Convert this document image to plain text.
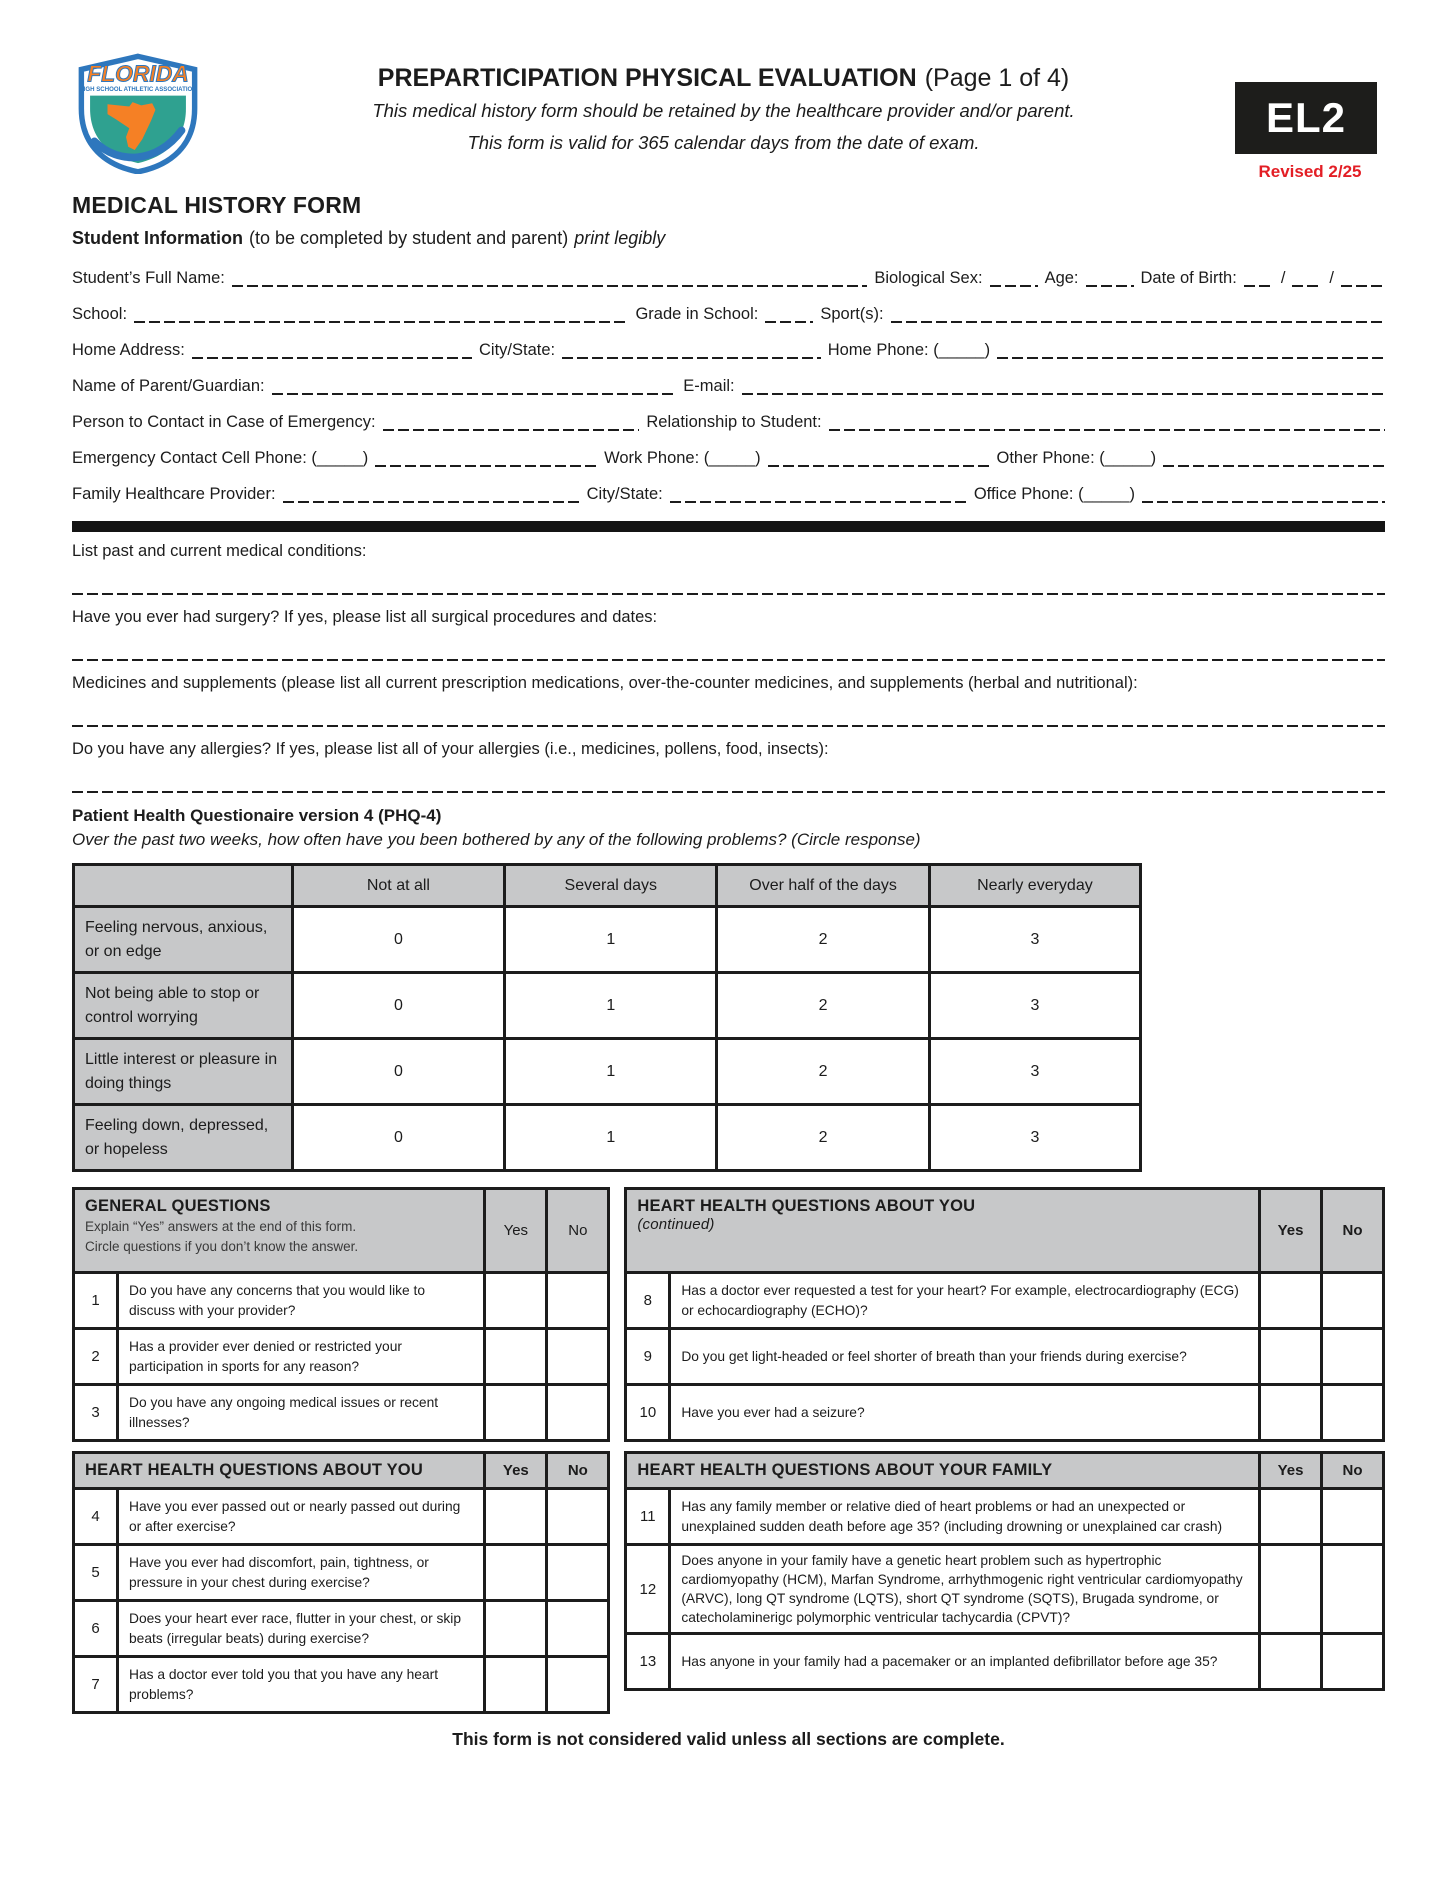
FLORIDA
HIGH SCHOOL ATHLETIC ASSOCIATION	PREPARTICIPATION PHYSICAL EVALUATION (Page 1 of 4)
This medical history form should be retained by the healthcare provider and/or parent.
This form is valid for 365 calendar days from the date of exam.
EL2
Revised 2/25
MEDICAL HISTORY FORM
Student Information (to be completed by student and parent) print legibly
Student’s Full Name:	Biological Sex:	Age:	Date of Birth:	/	/
School:	Grade in School:	Sport(s):
Home Address:	City/State:	Home Phone: (_____)
Name of Parent/Guardian:	E-mail:
Person to Contact in Case of Emergency:	Relationship to Student:
Emergency Contact Cell Phone: (_____)	Work Phone: (_____)	Other Phone: (_____)
Family Healthcare Provider:	City/State:	Office Phone: (_____)
List past and current medical conditions:
Have you ever had surgery? If yes, please list all surgical procedures and dates:
Medicines and supplements (please list all current prescription medications, over-the-counter medicines, and supplements (herbal and nutritional):
Do you have any allergies? If yes, please list all of your allergies (i.e., medicines, pollens, food, insects):
Patient Health Questionaire version 4 (PHQ-4)
Over the past two weeks, how often have you been bothered by any of the following problems? (Circle response)
	Not at all	Several days	Over half of the days	Nearly everyday
Feeling nervous, anxious, or on edge	0	1	2	3
Not being able to stop or control worrying	0	1	2	3
Little interest or pleasure in doing things	0	1	2	3
Feeling down, depressed, or hopeless	0	1	2	3
GENERAL QUESTIONS
Explain “Yes” answers at the end of this form.
Circle questions if you don’t know the answer.		Yes	No
1	Do you have any concerns that you would like to discuss with your provider?		
2	Has a provider ever denied or restricted your participation in sports for any reason?		
3	Do you have any ongoing medical issues or recent illnesses?		
HEART HEALTH QUESTIONS ABOUT YOU		Yes	No
4	Have you ever passed out or nearly passed out during or after exercise?		
5	Have you ever had discomfort, pain, tightness, or pressure in your chest during exercise?		
6	Does your heart ever race, flutter in your chest, or skip beats (irregular beats) during exercise?		
7	Has a doctor ever told you that you have any heart problems?		
HEART HEALTH QUESTIONS ABOUT YOU
(continued)		Yes	No
8	Has a doctor ever requested a test for your heart? For example, electrocardiography (ECG) or echocardiography (ECHO)?		
9	Do you get light-headed or feel shorter of breath than your friends during exercise?		
10	Have you ever had a seizure?		
HEART HEALTH QUESTIONS ABOUT YOUR FAMILY		Yes	No
11	Has any family member or relative died of heart problems or had an unexpected or unexplained sudden death before age 35? (including drowning or unexplained car crash)		
12	Does anyone in your family have a genetic heart problem such as hypertrophic cardiomyopathy (HCM), Marfan Syndrome, arrhythmogenic right ventricular cardiomyopathy (ARVC), long QT syndrome (LQTS), short QT syndrome (SQTS), Brugada syndrome, or catecholaminerigc polymorphic ventricular tachycardia (CPVT)?		
13	Has anyone in your family had a pacemaker or an implanted defibrillator before age 35?		
This form is not considered valid unless all sections are complete.
